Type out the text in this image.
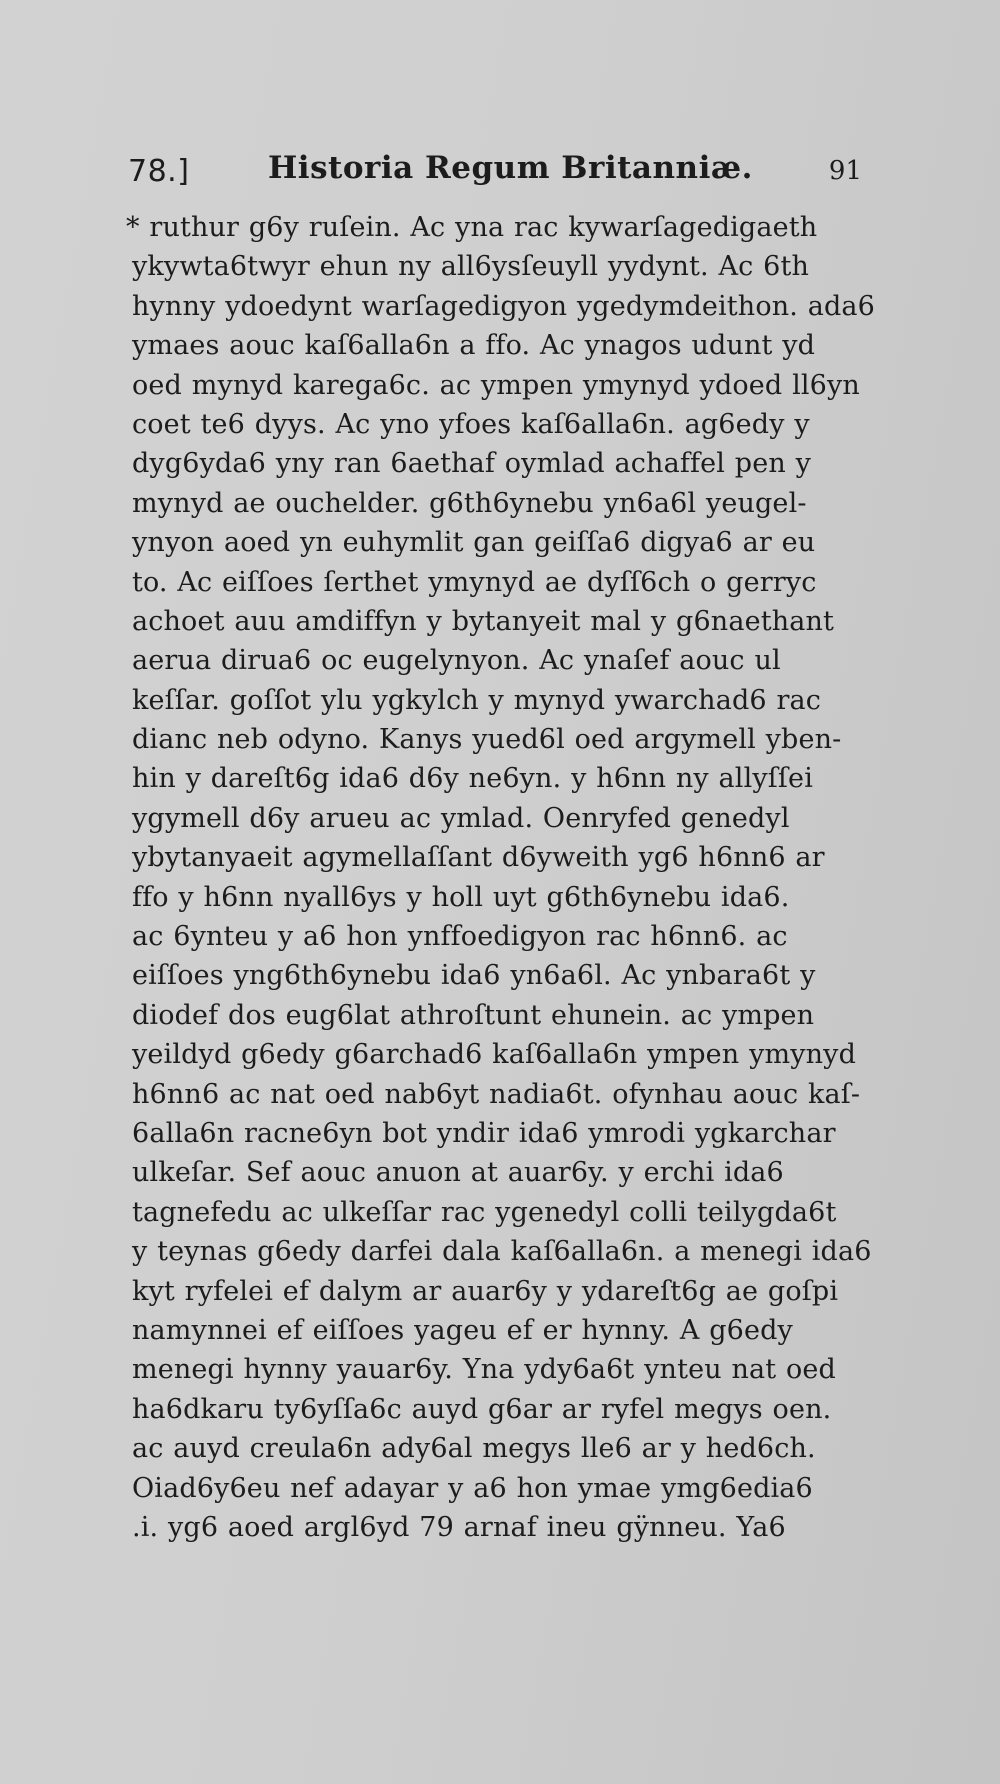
78.]	Historia Regum Britanniæ.	91
* ruthur g6y ruſein. Ac yna rac kywarſagedigaeth
ykywta6twyr ehun ny all6ysſeuyll yydynt. Ac 6th
hynny ydoedynt warſagedigyon ygedymdeithon. ada6
ymaes aouc kaſ6alla6n a ffo. Ac ynagos udunt yd
oed mynyd karega6c. ac ympen ymynyd ydoed ll6yn
coet te6 dyys. Ac yno yfoes kaſ6alla6n. ag6edy y
dyg6yda6 yny ran 6aethaf oymlad achaffel pen y
mynyd ae ouchelder. g6th6ynebu yn6a6l yeugel-
ynyon aoed yn euhymlit gan geiſſa6 digya6 ar eu
to. Ac eiſſoes ſerthet ymynyd ae dyſſ6ch o gerryc
achoet auu amdiffyn y bytanyeit mal y g6naethant
aerua dirua6 oc eugelynyon. Ac ynaſef aouc ul
keſſar. goſſot ylu ygkylch y mynyd ywarchad6 rac
dianc neb odyno. Kanys yued6l oed argymell yben-
hin y dareſt6g ida6 d6y ne6yn. y h6nn ny allyſſei
ygymell d6y arueu ac ymlad. Oenryfed genedyl
ybytanyaeit agymellaſſant d6yweith yg6 h6nn6 ar
ffo y h6nn nyall6ys y holl uyt g6th6ynebu ida6.
ac 6ynteu y a6 hon ynffoedigyon rac h6nn6. ac
eiſſoes yng6th6ynebu ida6 yn6a6l. Ac ynbara6t y
diodef dos eug6lat athroſtunt ehunein. ac ympen
yeildyd g6edy g6archad6 kaſ6alla6n ympen ymynyd
h6nn6 ac nat oed nab6yt nadia6t. ofynhau aouc kaſ-
6alla6n racne6yn bot yndir ida6 ymrodi ygkarchar
ulkeſar. Sef aouc anuon at auar6y. y erchi ida6
tagnefedu ac ulkeſſar rac ygenedyl colli teilygda6t
y teynas g6edy darfei dala kaſ6alla6n. a menegi ida6
kyt ryfelei ef dalym ar auar6y y ydareſt6g ae goſpi
namynnei ef eiſſoes yageu ef er hynny. A g6edy
menegi hynny yauar6y. Yna ydy6a6t ynteu nat oed
ha6dkaru ty6yſſa6c auyd g6ar ar ryfel megys oen.
ac auyd creula6n ady6al megys lle6 ar y hed6ch.
Oiad6y6eu nef adayar y a6 hon ymae ymg6edia6
.i. yg6 aoed argl6yd 79 arnaf ineu gÿnneu. Ya6
